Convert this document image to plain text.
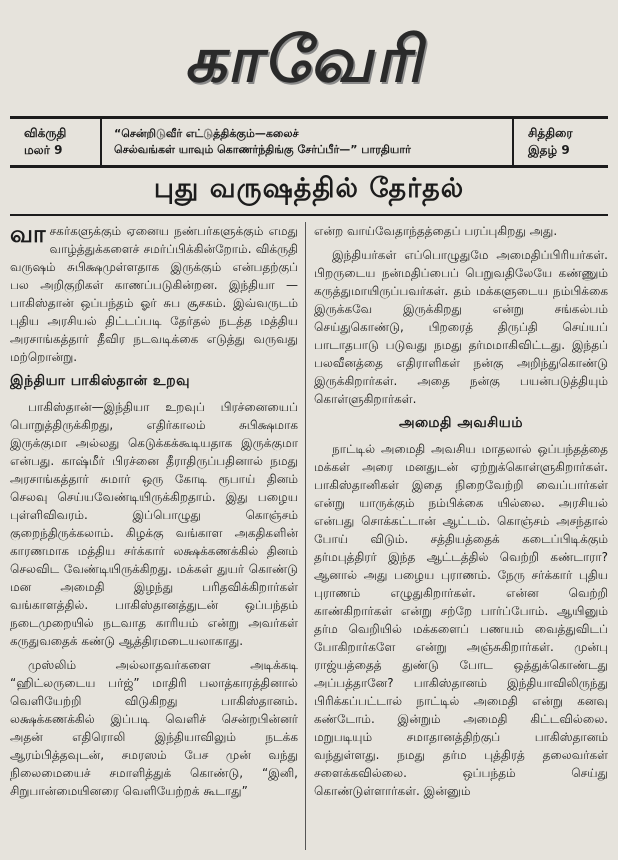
காவேரி
விக்ருதி
மலர் 9
“சென்றிடுவீர் எட்டுத்திக்கும்—கலைச்
செல்வங்கள் யாவும் கொணர்ந்திங்கு சேர்ப்பீர்—” பாரதியார்
சித்திரை
இதழ் 9
புது வருஷத்தில் தேர்தல்

வாசகர்களுக்கும் ஏனைய நண்பர்களுக்கும் எமது வாழ்த்துக்களைச் சமர்ப்பிக்கின்றோம். விக்ருதி வருஷம் சுபிக்ஷமுள்ளதாக இருக்கும் என்பதற்குப் பல அறிகுறிகள் காணப்படுகின்றன. இந்தியா — பாகிஸ்தான் ஒப்பந்தம் ஓர் சுப சூசகம். இவ்வருடம் புதிய அரசியல் திட்டப்படி தேர்தல் நடத்த மத்திய அரசாங்கத்தார் தீவிர நடவடிக்கை எடுத்து வருவது மற்றொன்று.

இந்தியா பாகிஸ்தான் உறவு

பாகிஸ்தான்—இந்தியா உறவுப் பிரச்னையைப் பொறுத்திருக்கிறது, எதிர்காலம் சுபிக்ஷமாக இருக்குமா அல்லது கெடுக்கக்கூடியதாக இருக்குமா என்பது. காஷ்மீர் பிரச்னை தீராதிருப்பதினால் நமது அரசாங்கத்தார் சுமார் ஒரு கோடி ரூபாய் தினம் செலவு செய்யவேண்டியிருக்கிறதாம். இது பழைய புள்ளிவிவரம். இப்பொழுது கொஞ்சம் குறைந்திருக்கலாம். கிழக்கு வங்காள அகதிகளின் காரணமாக மத்திய சர்க்கார் லக்ஷக்கணக்கில் தினம் செலவிட வேண்டியிருக்கிறது. மக்கள் துயர் கொண்டு மன அமைதி இழந்து பரிதவிக்கிறார்கள் வங்காளத்தில். பாகிஸ்தானத்துடன் ஒப்பந்தம் நடைமுறையில் நடவாத காரியம் என்று அவர்கள் கருதுவதைக் கண்டு ஆத்திரமடையலாகாது.

முஸ்லிம் அல்லாதவர்களை அடிக்கடி “ஹிட்லருடைய பர்ஜ்” மாதிரி பலாத்காரத்தினால் வெளியேற்றி விடுகிறது பாகிஸ்தானம். லக்ஷக்கணக்கில் இப்படி வெளிச் சென்றபின்னர் அதன் எதிரொலி இந்தியாவிலும் நடக்க ஆரம்பித்தவுடன், சமரஸம் பேச முன் வந்து நிலைமையைச் சமாளித்துக் கொண்டு, “இனி, சிறுபான்மையினரை வெளியேற்றக் கூடாது”

என்ற வாய்வேதாந்தத்தைப் பரப்புகிறது அது.

இந்தியர்கள் எப்பொழுதுமே அமைதிப்பிரியர்கள். பிறருடைய நன்மதிப்பைப் பெறுவதிலேயே கண்ணும் கருத்துமாயிருப்பவர்கள். தம் மக்களுடைய நம்பிக்கை இருக்கவே இருக்கிறது என்று சங்கல்பம் செய்துகொண்டு, பிறரைத் திருப்தி செய்யப் பாடாதபாடு படுவது நமது தர்மமாகிவிட்டது. இந்தப் பலவீனத்தை எதிராளிகள் நன்கு அறிந்துகொண்டு இருக்கிறார்கள். அதை நன்கு பயன்படுத்தியும் கொள்ளுகிறார்கள்.

அமைதி அவசியம்

நாட்டில் அமைதி அவசிய மாதலால் ஒப்பந்தத்தை மக்கள் அரை மனதுடன் ஏற்றுக்கொள்ளுகிறார்கள். பாகிஸ்தானிகள் இதை நிறைவேற்றி வைப்பார்கள் என்று யாருக்கும் நம்பிக்கை யில்லை. அரசியல் என்பது சொக்கட்டான் ஆட்டம். கொஞ்சம் அசந்தால் போய் விடும். சத்தியத்தைக் கடைப்பிடிக்கும் தர்மபுத்திரர் இந்த ஆட்டத்தில் வெற்றி கண்டாரா? ஆனால் அது பழைய புராணம். நேரு சர்க்கார் புதிய புராணம் எழுதுகிறார்கள். என்ன வெற்றி காண்கிறார்கள் என்று சற்றே பார்ப்போம். ஆயினும் தர்ம வெறியில் மக்களைப் பணயம் வைத்துவிடப் போகிறார்களே என்று அஞ்சுகிறார்கள். முன்பு ராஜ்யத்தைத் துண்டு போட ஒத்துக்கொண்டது அப்பத்தானே? பாகிஸ்தானம் இந்தியாவிலிருந்து பிரிக்கப்பட்டால் நாட்டில் அமைதி என்று கனவு கண்டோம். இன்றும் அமைதி கிட்டவில்லை. மறுபடியும் சமாதானத்திற்குப் பாகிஸ்தானம் வந்துள்ளது. நமது தர்ம புத்திரத் தலைவர்கள் சளைக்கவில்லை. ஒப்பந்தம் செய்து கொண்டுள்ளார்கள். இன்னும்
